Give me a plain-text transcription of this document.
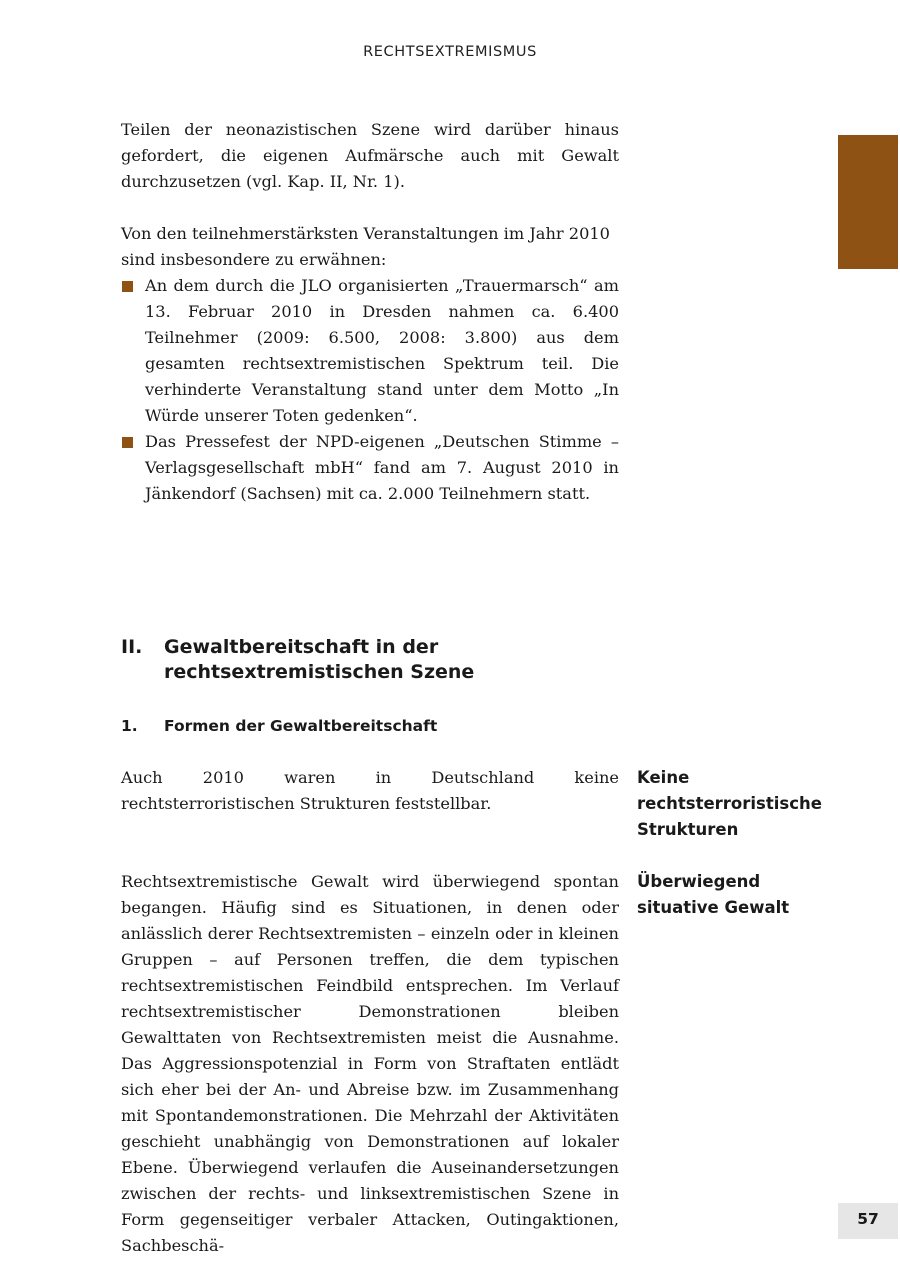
RECHTSEXTREMISMUS

Teilen der neonazistischen Szene wird darüber hinaus gefordert, die eigenen Aufmärsche auch mit Gewalt durchzusetzen (vgl. Kap. II, Nr. 1).

Von den teilnehmerstärksten Veranstaltungen im Jahr 2010 sind insbesondere zu erwähnen:

An dem durch die JLO organisierten „Trauermarsch“ am 13. Februar 2010 in Dresden nahmen ca. 6.400 Teilnehmer (2009: 6.500, 2008: 3.800) aus dem gesamten rechtsextremistischen Spektrum teil. Die verhinderte Veranstaltung stand unter dem Motto „In Würde unserer Toten gedenken“.
Das Pressefest der NPD-eigenen „Deutschen Stimme – Verlagsgesellschaft mbH“ fand am 7. August 2010 in Jänkendorf (Sachsen) mit ca. 2.000 Teilnehmern statt.
II. Gewaltbereitschaft in der rechtsextremistischen Szene
1. Formen der Gewaltbereitschaft

Auch 2010 waren in Deutschland keine rechtsterroristischen Strukturen feststellbar.

Keine rechtsterroristische Strukturen

Rechtsextremistische Gewalt wird überwiegend spontan begangen. Häufig sind es Situationen, in denen oder anlässlich derer Rechtsextremisten – einzeln oder in kleinen Gruppen – auf Personen treffen, die dem typischen rechtsextremistischen Feindbild entsprechen. Im Verlauf rechtsextremistischer Demonstrationen bleiben Gewalttaten von Rechtsextremisten meist die Ausnahme. Das Aggressionspotenzial in Form von Straftaten entlädt sich eher bei der An- und Abreise bzw. im Zusammenhang mit Spontandemonstrationen. Die Mehrzahl der Aktivitäten geschieht unabhängig von Demonstrationen auf lokaler Ebene. Überwiegend verlaufen die Auseinandersetzungen zwischen der rechts- und linksextremistischen Szene in Form gegenseitiger verbaler Attacken, Outingaktionen, Sachbeschä-

Überwiegend situative Gewalt
57
